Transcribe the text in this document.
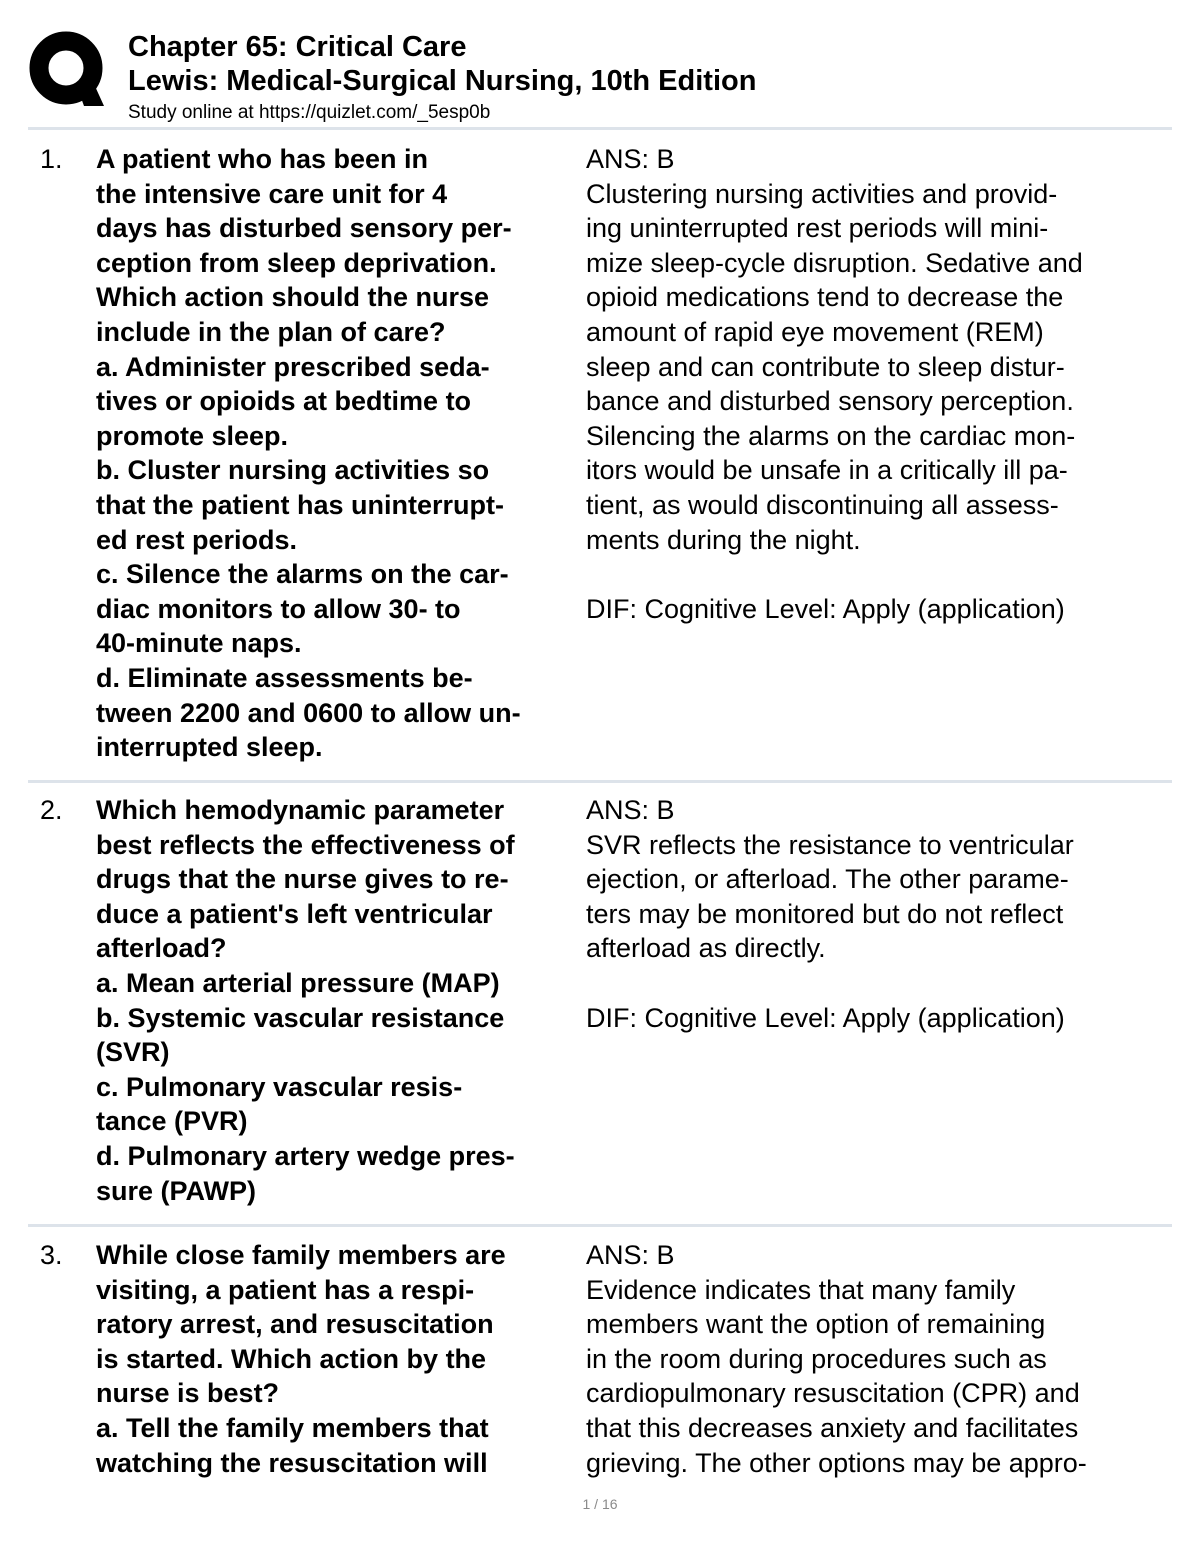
Chapter 65: Critical Care
Lewis: Medical-Surgical Nursing, 10th Edition
Study online at https://quizlet.com/_5esp0b
1. A patient who has been in
the intensive care unit for 4
days has disturbed sensory per-
ception from sleep deprivation.
Which action should the nurse
include in the plan of care?
a. Administer prescribed seda-
tives or opioids at bedtime to
promote sleep.
b. Cluster nursing activities so
that the patient has uninterrupt-
ed rest periods.
c. Silence the alarms on the car-
diac monitors to allow 30- to
40-minute naps.
d. Eliminate assessments be-
tween 2200 and 0600 to allow un-
interrupted sleep.
ANS: B
Clustering nursing activities and provid-
ing uninterrupted rest periods will mini-
mize sleep-cycle disruption. Sedative and
opioid medications tend to decrease the
amount of rapid eye movement (REM)
sleep and can contribute to sleep distur-
bance and disturbed sensory perception.
Silencing the alarms on the cardiac mon-
itors would be unsafe in a critically ill pa-
tient, as would discontinuing all assess-
ments during the night.
DIF: Cognitive Level: Apply (application)
2. Which hemodynamic parameter
best reflects the effectiveness of
drugs that the nurse gives to re-
duce a patient's left ventricular
afterload?
a. Mean arterial pressure (MAP)
b. Systemic vascular resistance
(SVR)
c. Pulmonary vascular resis-
tance (PVR)
d. Pulmonary artery wedge pres-
sure (PAWP)
ANS: B
SVR reflects the resistance to ventricular
ejection, or afterload. The other parame-
ters may be monitored but do not reflect
afterload as directly.
DIF: Cognitive Level: Apply (application)
3. While close family members are
visiting, a patient has a respi-
ratory arrest, and resuscitation
is started. Which action by the
nurse is best?
a. Tell the family members that
watching the resuscitation will
ANS: B
Evidence indicates that many family
members want the option of remaining
in the room during procedures such as
cardiopulmonary resuscitation (CPR) and
that this decreases anxiety and facilitates
grieving. The other options may be appro-
1 / 16
